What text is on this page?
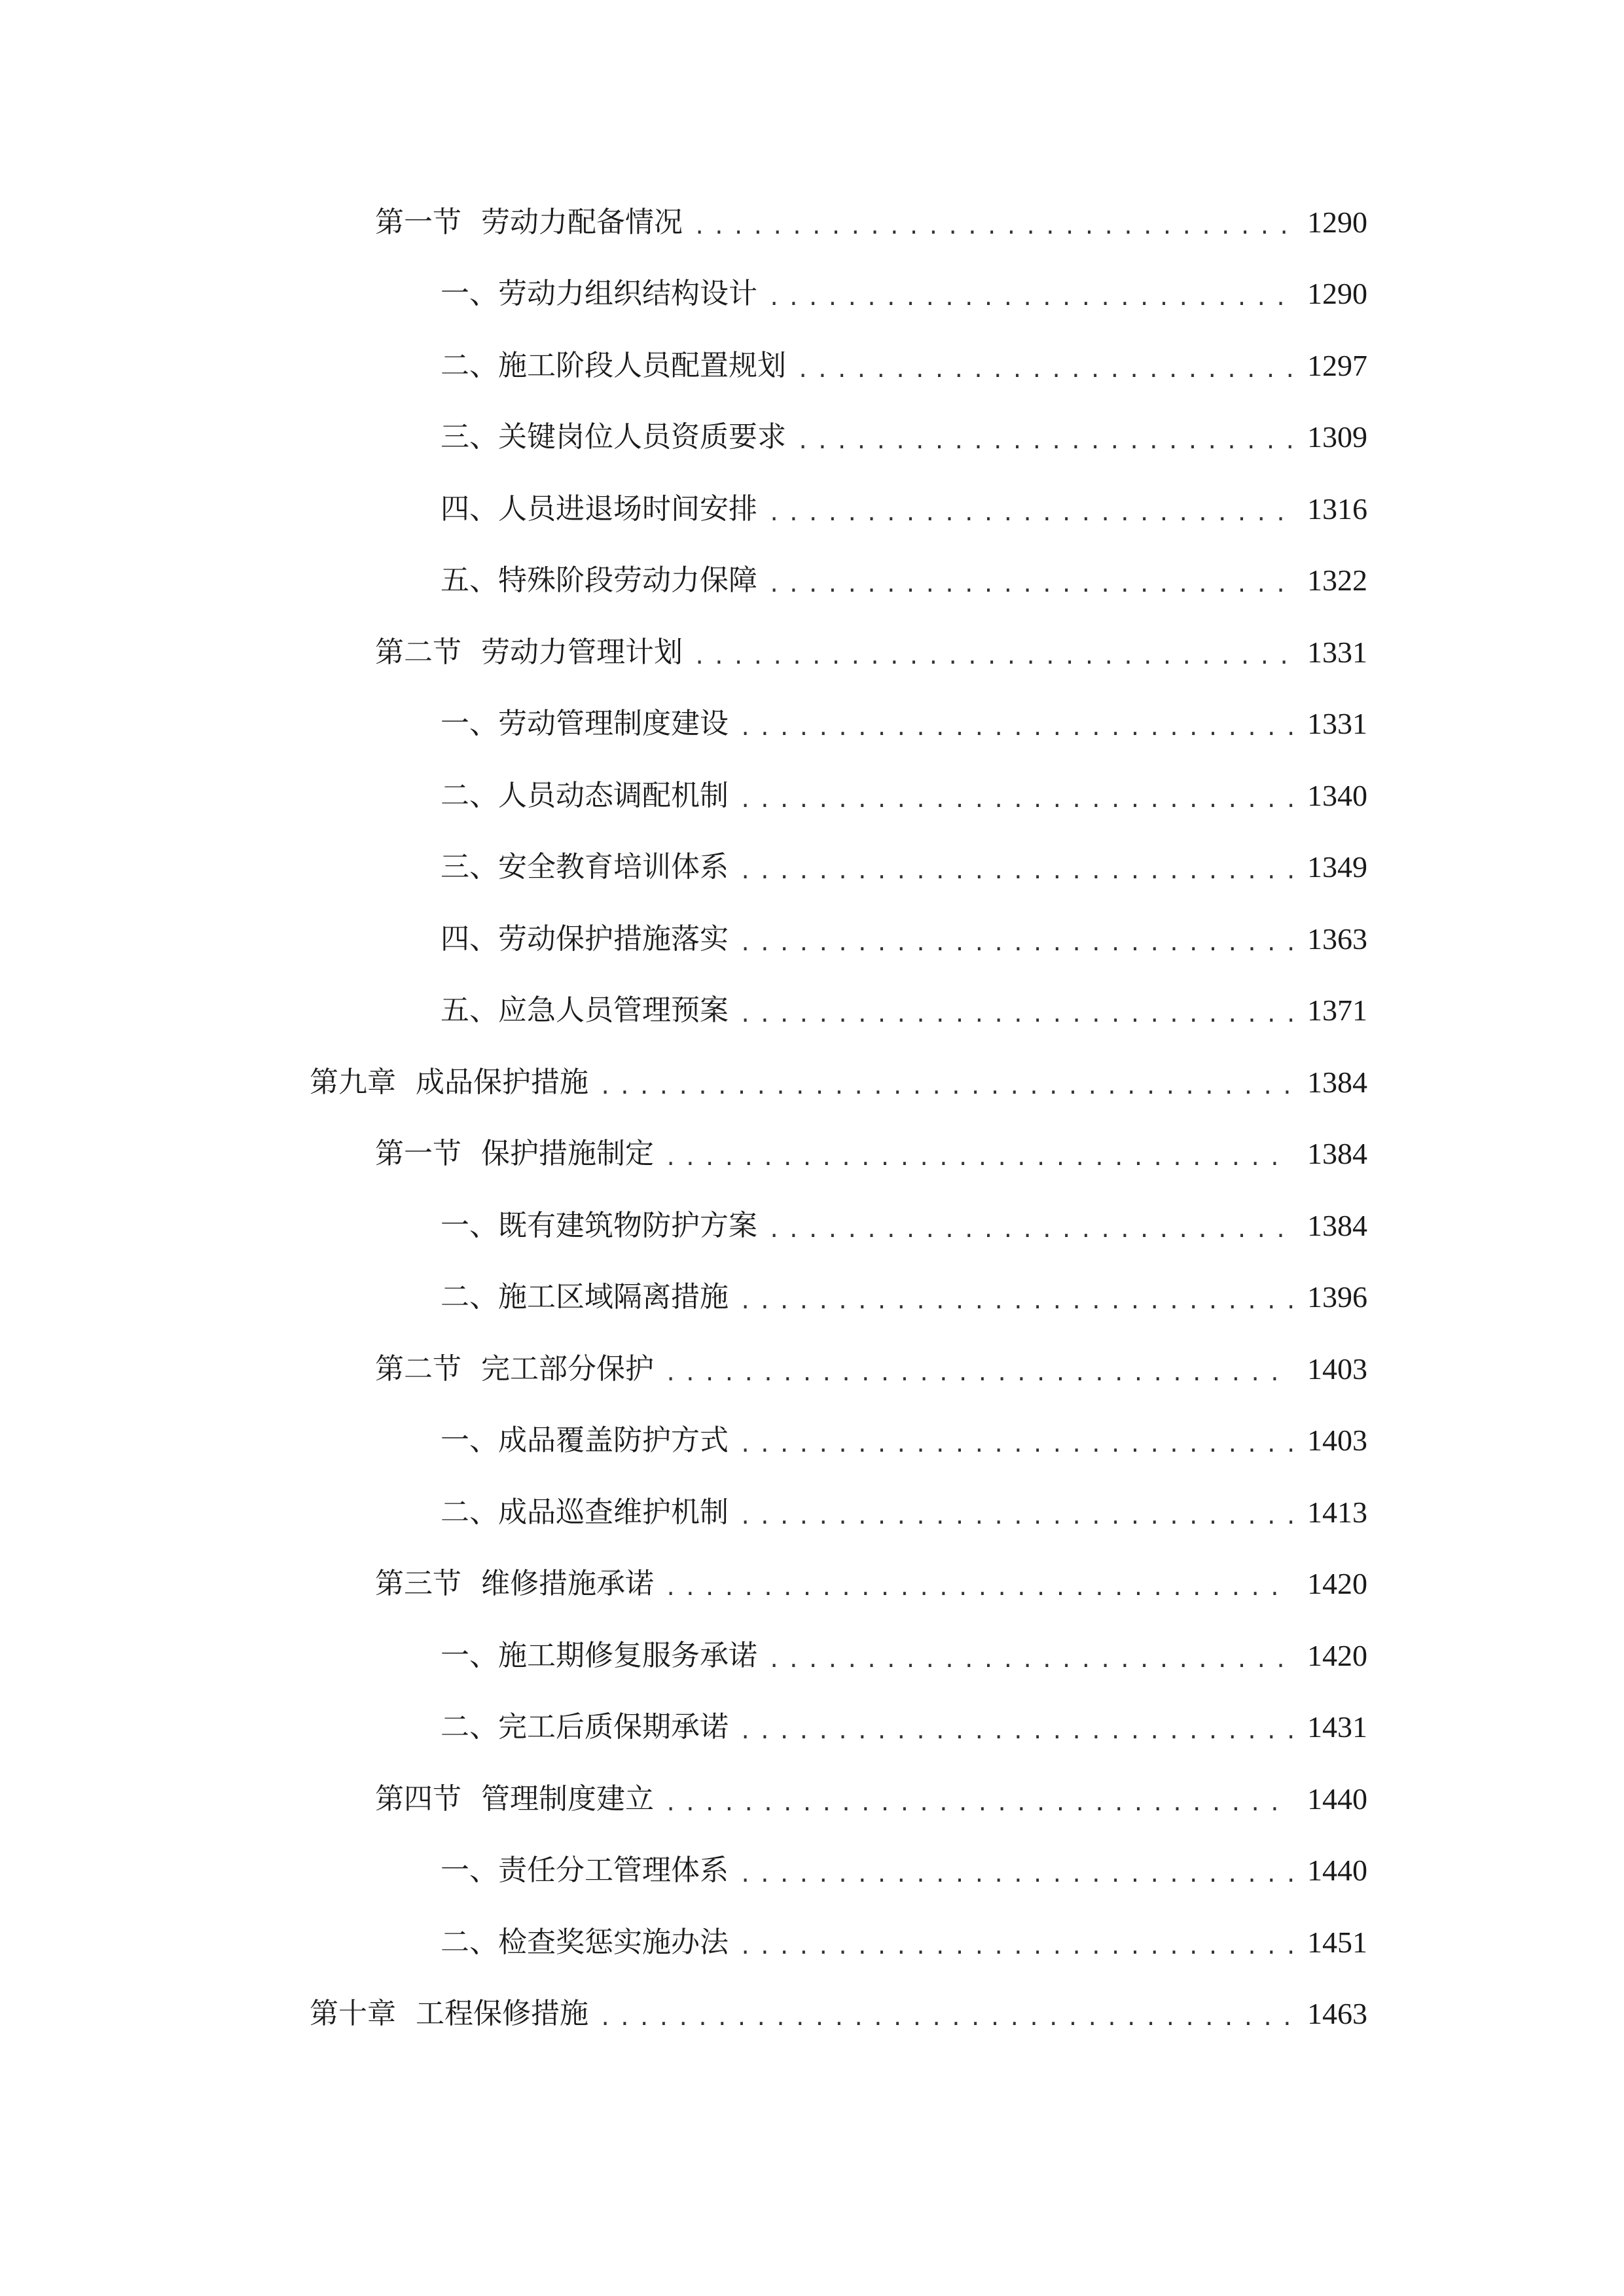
第一节 劳动力配备情况 .....	1290
一、 劳动力组织结构设计 .....	1290
二、 施工阶段人员配置规划 .....	1297
三、 关键岗位人员资质要求 .....	1309
四、 人员进退场时间安排 .....	1316
五、 特殊阶段劳动力保障 .....	1322
第二节 劳动力管理计划 .....	1331
一、 劳动管理制度建设 .....	1331
二、 人员动态调配机制 .....	1340
三、 安全教育培训体系 .....	1349
四、 劳动保护措施落实 .....	1363
五、 应急人员管理预案 .....	1371
第九章 成品保护措施 .....	1384
第一节 保护措施制定 .....	1384
一、 既有建筑物防护方案 .....	1384
二、 施工区域隔离措施 .....	1396
第二节 完工部分保护 .....	1403
一、 成品覆盖防护方式 .....	1403
二、 成品巡查维护机制 .....	1413
第三节 维修措施承诺 .....	1420
一、 施工期修复服务承诺 .....	1420
二、 完工后质保期承诺 .....	1431
第四节 管理制度建立 .....	1440
一、 责任分工管理体系 .....	1440
二、 检查奖惩实施办法 .....	1451
第十章 工程保修措施 .....	1463
